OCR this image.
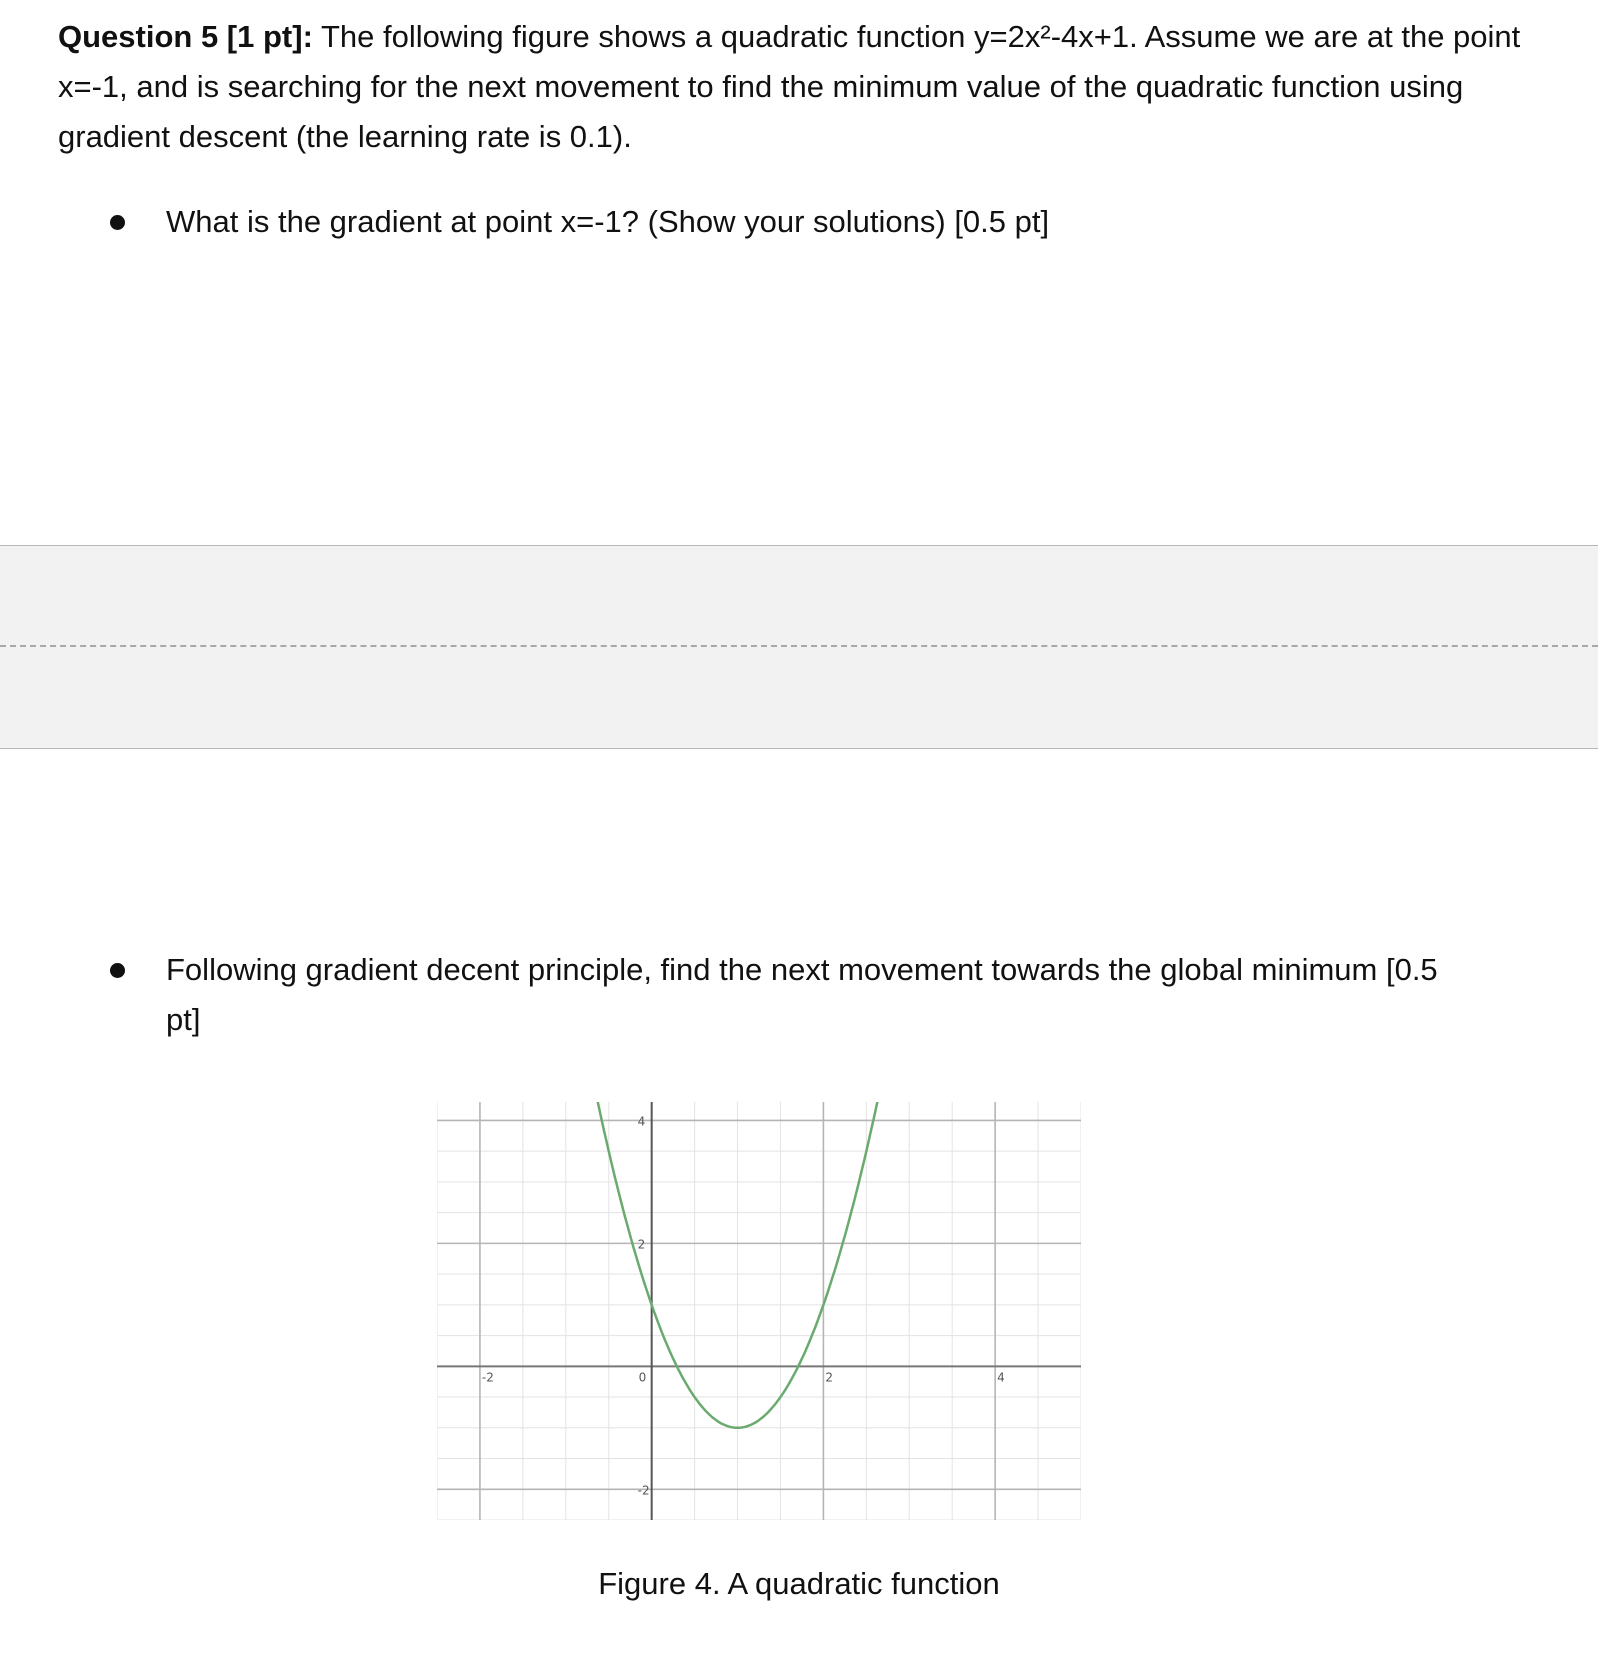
Question 5 [1 pt]: The following figure shows a quadratic function y=2x²-4x+1. Assume we are at the point x=-1, and is searching for the next movement to find the minimum value of the quadratic function using gradient descent (the learning rate is 0.1).

What is the gradient at point x=-1? (Show your solutions) [0.5 pt]
Following gradient decent principle, find the next movement towards the global minimum [0.5 pt]
-2	0	2	4
4
2
-2
Figure 4. A quadratic function
